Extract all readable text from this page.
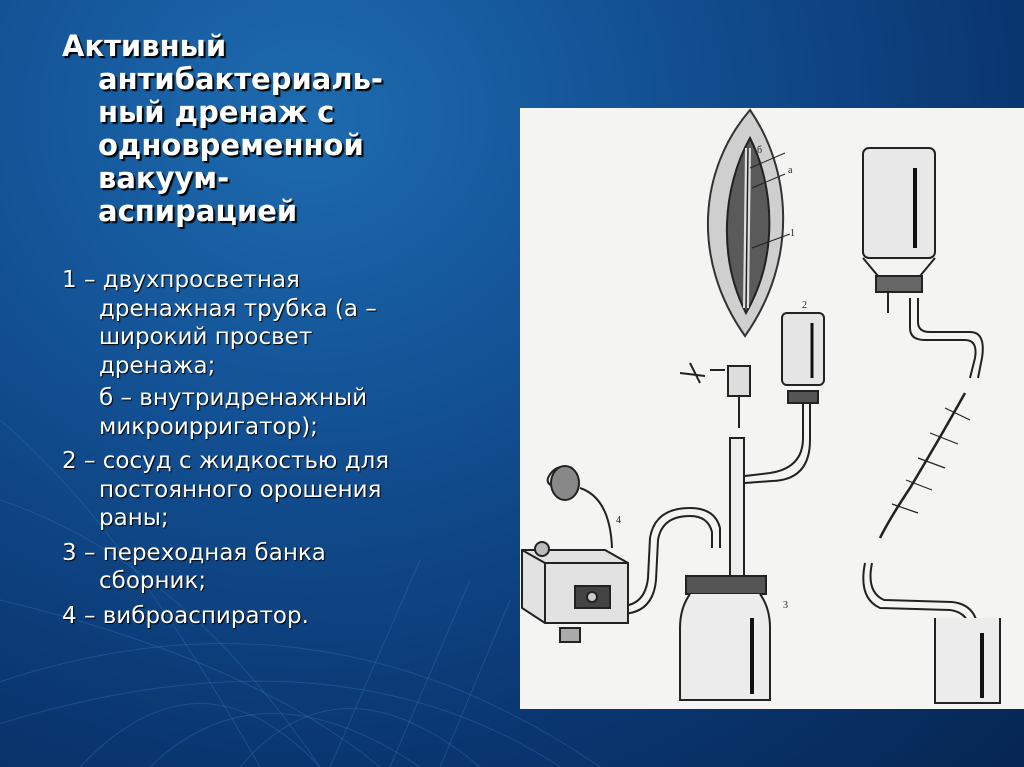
Активный
антибактериаль-
ный дренаж с
одновременной
вакуум-
аспирацией
1 – двухпросветная
дренажная трубка (а –
широкий просвет
дренажа;
б – внутридренажный
микроирригатор);
2 – сосуд с жидкостью для
постоянного орошения
раны;
3 – переходная банка
сборник;
4 – виброаспиратор.
б
а
1
2
3
4
